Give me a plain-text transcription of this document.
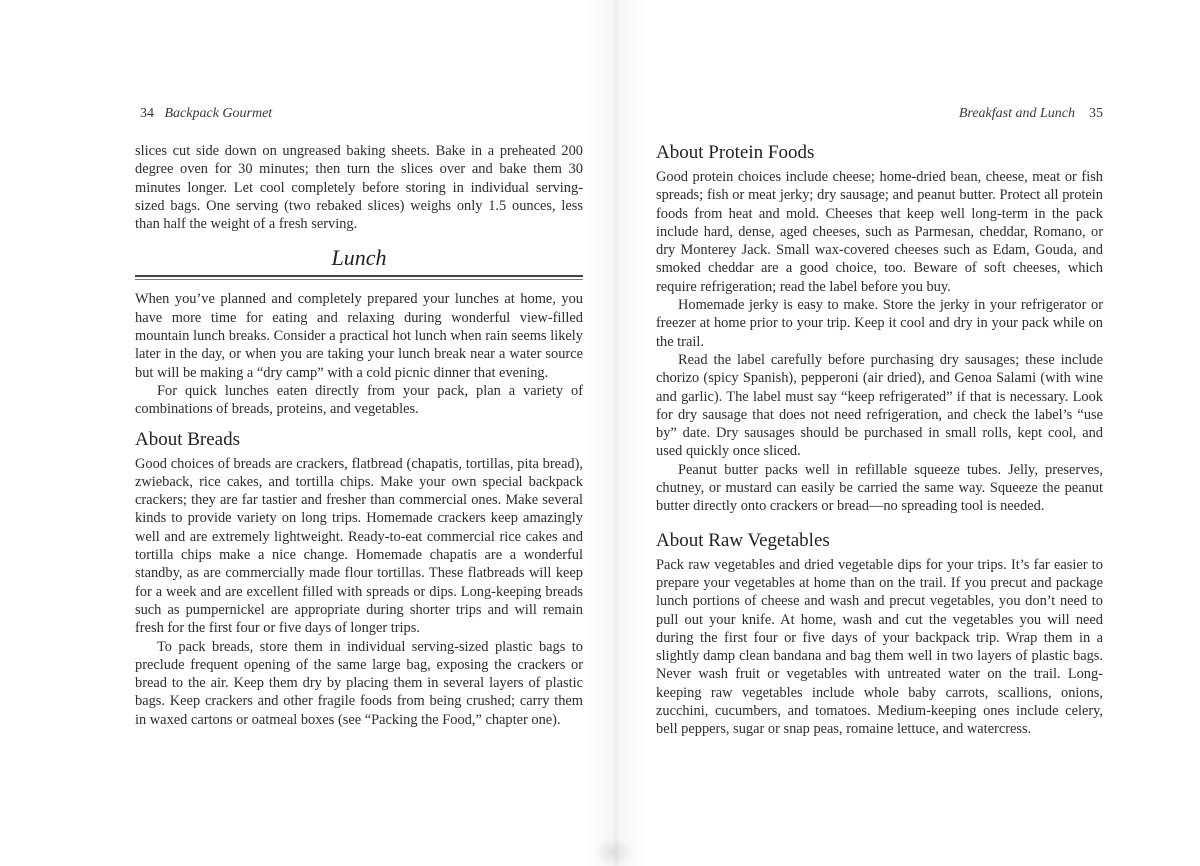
34 Backpack Gourmet	Breakfast and Lunch 35

slices cut side down on ungreased baking sheets. Bake in a preheated 200 degree oven for 30 minutes; then turn the slices over and bake them 30 minutes longer. Let cool completely before storing in individual serving-sized bags. One serving (two rebaked slices) weighs only 1.5 ounces, less than half the weight of a fresh serving.

Lunch

When you’ve planned and completely prepared your lunches at home, you have more time for eating and relaxing during wonderful view-filled mountain lunch breaks. Consider a practical hot lunch when rain seems likely later in the day, or when you are taking your lunch break near a water source but will be making a “dry camp” with a cold picnic dinner that evening.

For quick lunches eaten directly from your pack, plan a variety of combinations of breads, proteins, and vegetables.

About Breads

Good choices of breads are crackers, flatbread (chapatis, tortillas, pita bread), zwieback, rice cakes, and tortilla chips. Make your own special backpack crackers; they are far tastier and fresher than commercial ones. Make several kinds to provide variety on long trips. Homemade crackers keep amazingly well and are extremely lightweight. Ready-to-eat commercial rice cakes and tortilla chips make a nice change. Homemade chapatis are a wonderful standby, as are commercially made flour tortillas. These flatbreads will keep for a week and are excellent filled with spreads or dips. Long-keeping breads such as pumpernickel are appropriate during shorter trips and will remain fresh for the first four or five days of longer trips.

To pack breads, store them in individual serving-sized plastic bags to preclude frequent opening of the same large bag, exposing the crackers or bread to the air. Keep them dry by placing them in several layers of plastic bags. Keep crackers and other fragile foods from being crushed; carry them in waxed cartons or oatmeal boxes (see “Packing the Food,” chapter one).

About Protein Foods

Good protein choices include cheese; home-dried bean, cheese, meat or fish spreads; fish or meat jerky; dry sausage; and peanut butter. Protect all protein foods from heat and mold. Cheeses that keep well long-term in the pack include hard, dense, aged cheeses, such as Parmesan, cheddar, Romano, or dry Monterey Jack. Small wax-covered cheeses such as Edam, Gouda, and smoked cheddar are a good choice, too. Beware of soft cheeses, which require refrigeration; read the label before you buy.

Homemade jerky is easy to make. Store the jerky in your refrigerator or freezer at home prior to your trip. Keep it cool and dry in your pack while on the trail.

Read the label carefully before purchasing dry sausages; these include chorizo (spicy Spanish), pepperoni (air dried), and Genoa Salami (with wine and garlic). The label must say “keep refrigerated” if that is necessary. Look for dry sausage that does not need refrigeration, and check the label’s “use by” date. Dry sausages should be purchased in small rolls, kept cool, and used quickly once sliced.

Peanut butter packs well in refillable squeeze tubes. Jelly, preserves, chutney, or mustard can easily be carried the same way. Squeeze the peanut butter directly onto crackers or bread—no spreading tool is needed.

About Raw Vegetables

Pack raw vegetables and dried vegetable dips for your trips. It’s far easier to prepare your vegetables at home than on the trail. If you precut and package lunch portions of cheese and wash and precut vegetables, you don’t need to pull out your knife. At home, wash and cut the vegetables you will need during the first four or five days of your backpack trip. Wrap them in a slightly damp clean bandana and bag them well in two layers of plastic bags. Never wash fruit or vegetables with untreated water on the trail. Long-keeping raw vegetables include whole baby carrots, scallions, onions, zucchini, cucumbers, and tomatoes. Medium-keeping ones include celery, bell peppers, sugar or snap peas, romaine lettuce, and watercress.
